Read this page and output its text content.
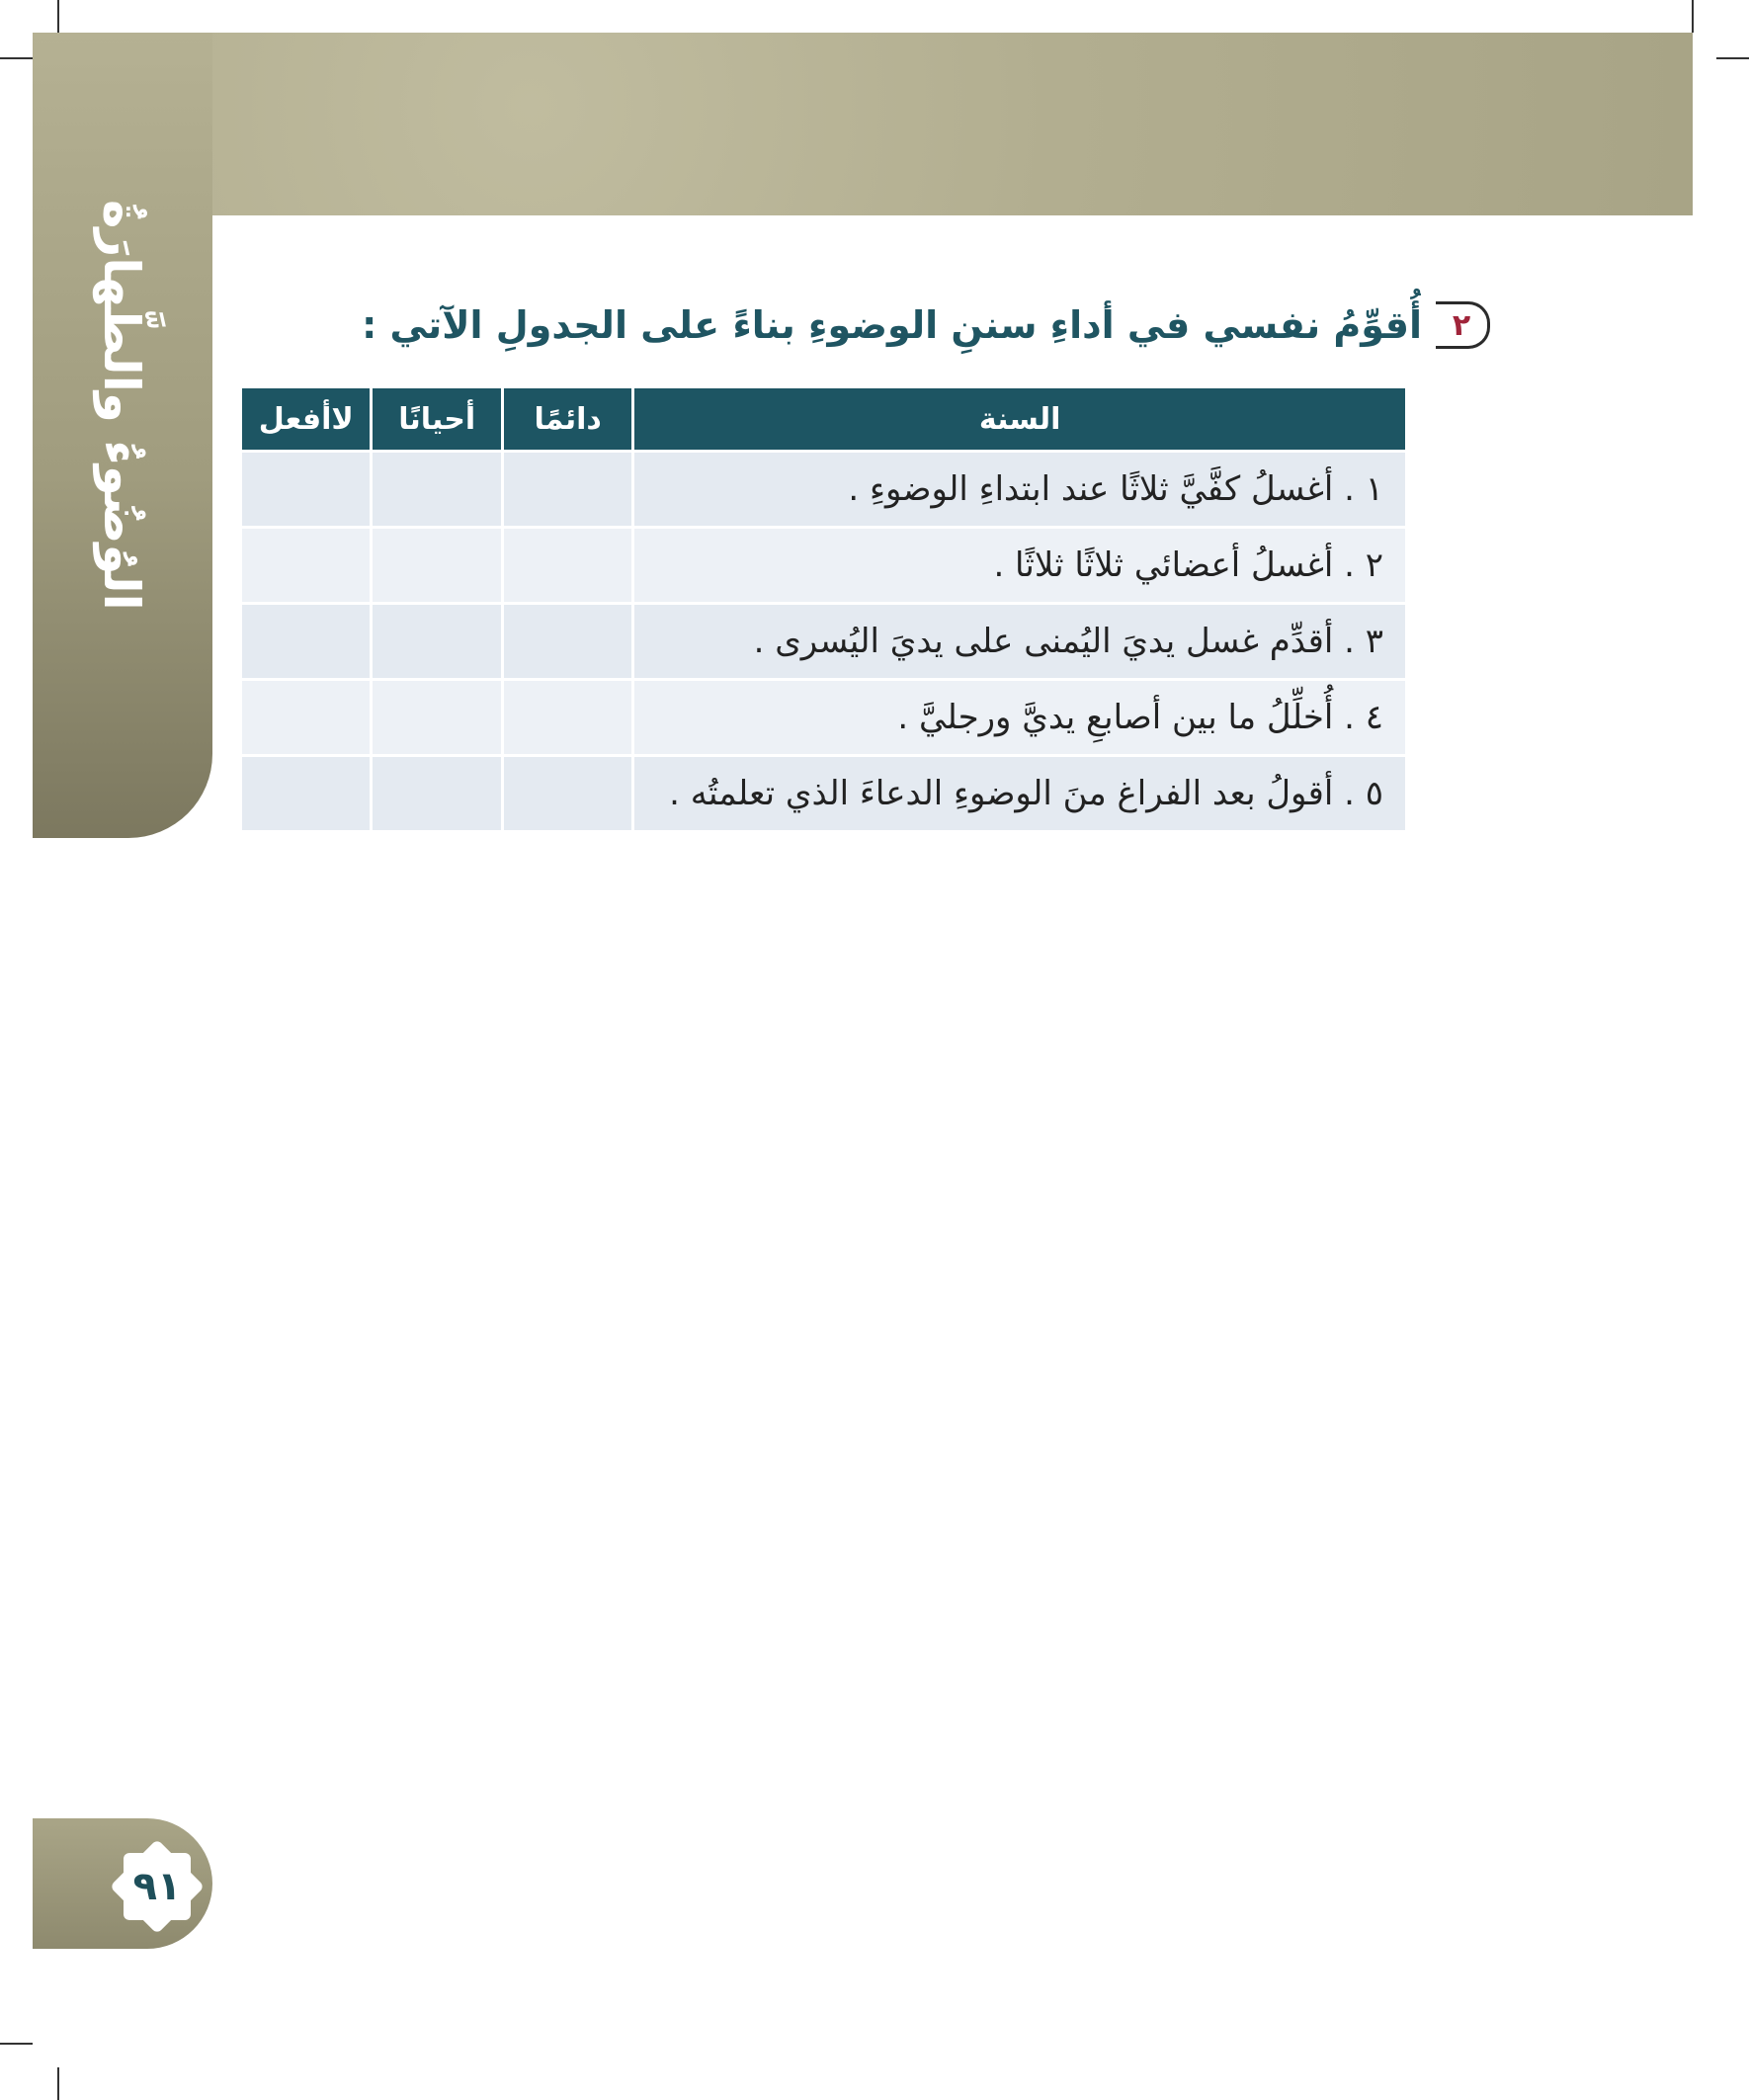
الوُضُوءُ والطَّهارَةُ
٩١
٢
أُقوِّمُ نفسي في أداءِ سننِ الوضوءِ بناءً على الجدولِ الآتي :
السنة	دائمًا	أحيانًا	لاأفعل
١ . أغسلُ كفَّيَّ ثلاثًا عند ابتداءِ الوضوءِ .			
٢ . أغسلُ أعضائي ثلاثًا ثلاثًا .			
٣ . أقدِّم غسل يديَ اليُمنى على يديَ اليُسرى .			
٤ . أُخلِّلُ ما بين أصابعِ يديَّ ورجليَّ .			
٥ . أقولُ بعد الفراغ منَ الوضوءِ الدعاءَ الذي تعلمتُه .			
